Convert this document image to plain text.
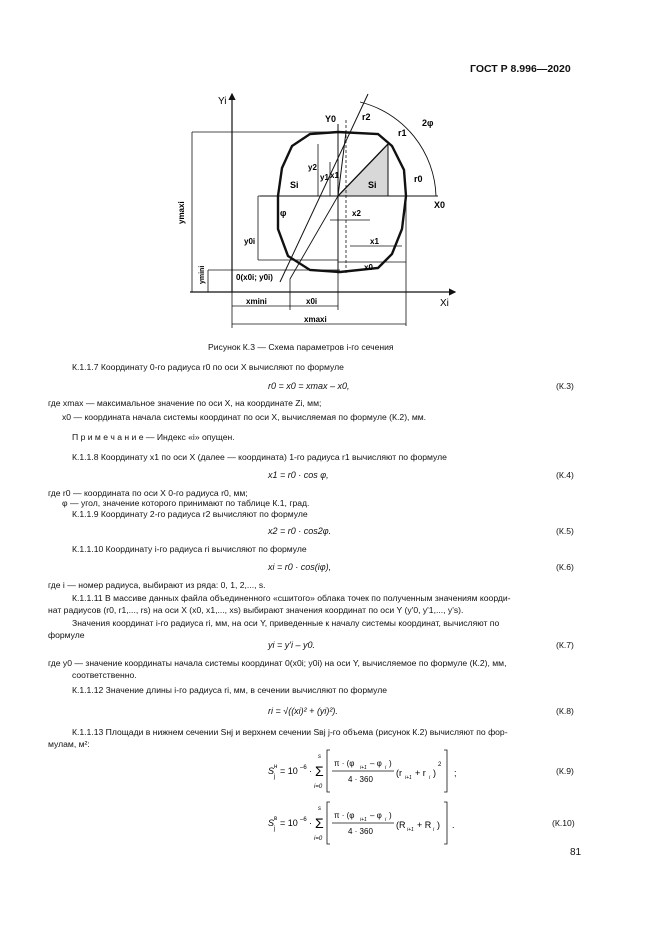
ГОСТ Р 8.996—2020
Yi
Xi
X0
Y0	r2
r1
r0
2φ
φ
Si	Si
y1
y2
x1
x2
x1
x0
y0i
ymaxi
ymini	0(x0i; y0i)
xmini	x0i
xmaxi
Рисунок К.3 — Схема параметров i-го сечения
К.1.1.7 Координату 0-го радиуса r0 по оси X вычисляют по формуле
r0 = x0 = xmax – x0,	(К.3)
где xmax — максимальное значение по оси X, на координате Zi, мм;
x0 — координата начала системы координат по оси X, вычисляемая по формуле (К.2), мм.
П р и м е ч а н и е — Индекс «i» опущен.
К.1.1.8 Координату x1 по оси X (далее — координата) 1-го радиуса r1 вычисляют по формуле
x1 = r0 · cos φ,	(К.4)
где r0 — координата по оси X 0-го радиуса r0, мм;
φ — угол, значение которого принимают по таблице К.1, град.
К.1.1.9 Координату 2-го радиуса r2 вычисляют по формуле
x2 = r0 · cos2φ.	(К.5)
К.1.1.10 Координату i-го радиуса ri вычисляют по формуле
xi = r0 · cos(iφ),	(К.6)
где i — номер радиуса, выбирают из ряда: 0, 1, 2,..., s.
К.1.1.11 В массиве данных файла объединенного «сшитого» облака точек по полученным значениям коорди-
нат радиусов (r0, r1,..., rs) на оси X (x0, x1,..., xs) выбирают значения координат по оси Y (y'0, y'1,..., y's).
Значения координат i-го радиуса ri, мм, на оси Y, приведенные к началу системы координат, вычисляют по
формуле
yi = y'i – y0.	(К.7)
где y0 — значение координаты начала системы координат 0(x0i; y0i) на оси Y, вычисляемое по формуле (К.2), мм,
соответственно.
К.1.1.12 Значение длины i-го радиуса ri, мм, в сечении вычисляют по формуле
ri = √((xi)² + (yi)²).	(К.8)
К.1.1.13 Площади в нижнем сечении Sнj и верхнем сечении Sвj j-го объема (рисунок К.2) вычисляют по фор-
мулам, м²:
S н
j
= 10 –6 · Σ
s
i=0
π · (φ i+1 – φ i )
4 · 360
(r i+1 + r i )
2
;	(К.9)
S в
j
= 10 –6 · Σ
s
i=0
π · (φ i+1 – φ i )
4 · 360
(R i+1 + R i ) .	(К.10)
81
